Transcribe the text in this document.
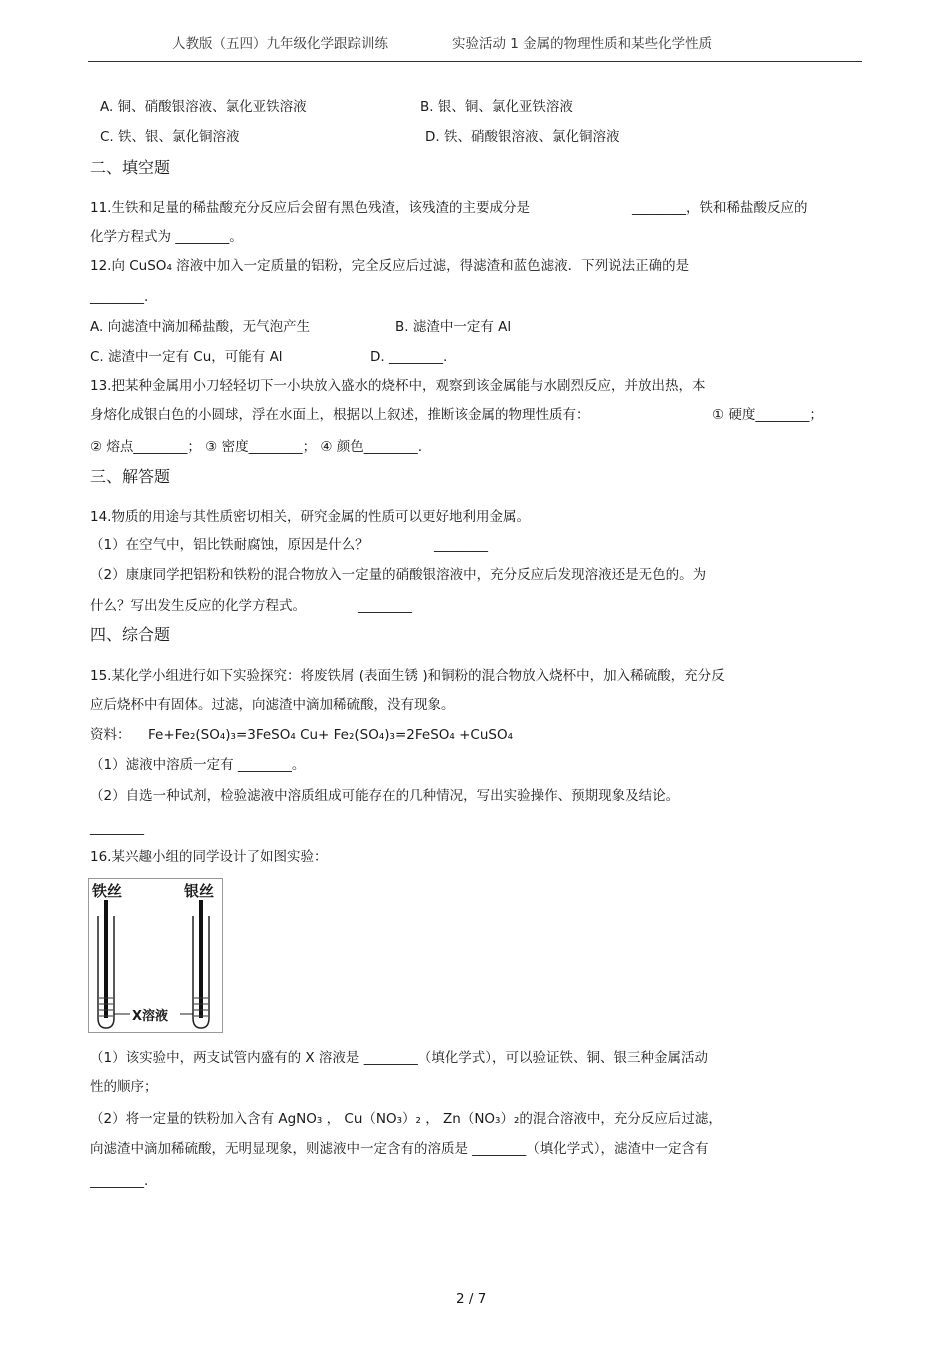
人教版（五四）九年级化学跟踪训练	实验活动 1 金属的物理性质和某些化学性质
A. 铜、硝酸银溶液、氯化亚铁溶液	B. 银、铜、氯化亚铁溶液
C. 铁、银、氯化铜溶液	D. 铁、硝酸银溶液、氯化铜溶液
二、填空题
11.生铁和足量的稀盐酸充分反应后会留有黑色残渣，该残渣的主要成分是	________，铁和稀盐酸反应的
化学方程式为 ________。
12.向 CuSO₄ 溶液中加入一定质量的铝粉，完全反应后过滤，得滤渣和蓝色滤液．下列说法正确的是
________.
A. 向滤渣中滴加稀盐酸，无气泡产生	B. 滤渣中一定有 Al
C. 滤渣中一定有 Cu，可能有 Al	D. ________.
13.把某种金属用小刀轻轻切下一小块放入盛水的烧杯中，观察到该金属能与水剧烈反应，并放出热，本
身熔化成银白色的小圆球，浮在水面上，根据以上叙述，推断该金属的物理性质有：	① 硬度________；
② 熔点________； ③ 密度________； ④ 颜色________.
三、解答题
14.物质的用途与其性质密切相关，研究金属的性质可以更好地利用金属。
（1）在空气中，铝比铁耐腐蚀，原因是什么？	________
（2）康康同学把铝粉和铁粉的混合物放入一定量的硝酸银溶液中，充分反应后发现溶液还是无色的。为
什么？写出发生反应的化学方程式。	________
四、综合题
15.某化学小组进行如下实验探究：将废铁屑 (表面生锈 )和铜粉的混合物放入烧杯中，加入稀硫酸，充分反
应后烧杯中有固体。过滤，向滤渣中滴加稀硫酸，没有现象。
资料： Fe+Fe₂(SO₄)₃=3FeSO₄ Cu+ Fe₂(SO₄)₃=2FeSO₄ +CuSO₄
（1）滤液中溶质一定有 ________。
（2）自选一种试剂，检验滤液中溶质组成可能存在的几种情况，写出实验操作、预期现象及结论。
________
16.某兴趣小组的同学设计了如图实验：
铁丝	银丝
X溶液
（1）该实验中，两支试管内盛有的 X 溶液是 ________（填化学式），可以验证铁、铜、银三种金属活动
性的顺序；
（2）将一定量的铁粉加入含有 AgNO₃ ， Cu（NO₃）₂ ， Zn（NO₃）₂的混合溶液中，充分反应后过滤，
向滤渣中滴加稀硫酸，无明显现象，则滤液中一定含有的溶质是 ________（填化学式），滤渣中一定含有
________.
2 / 7
